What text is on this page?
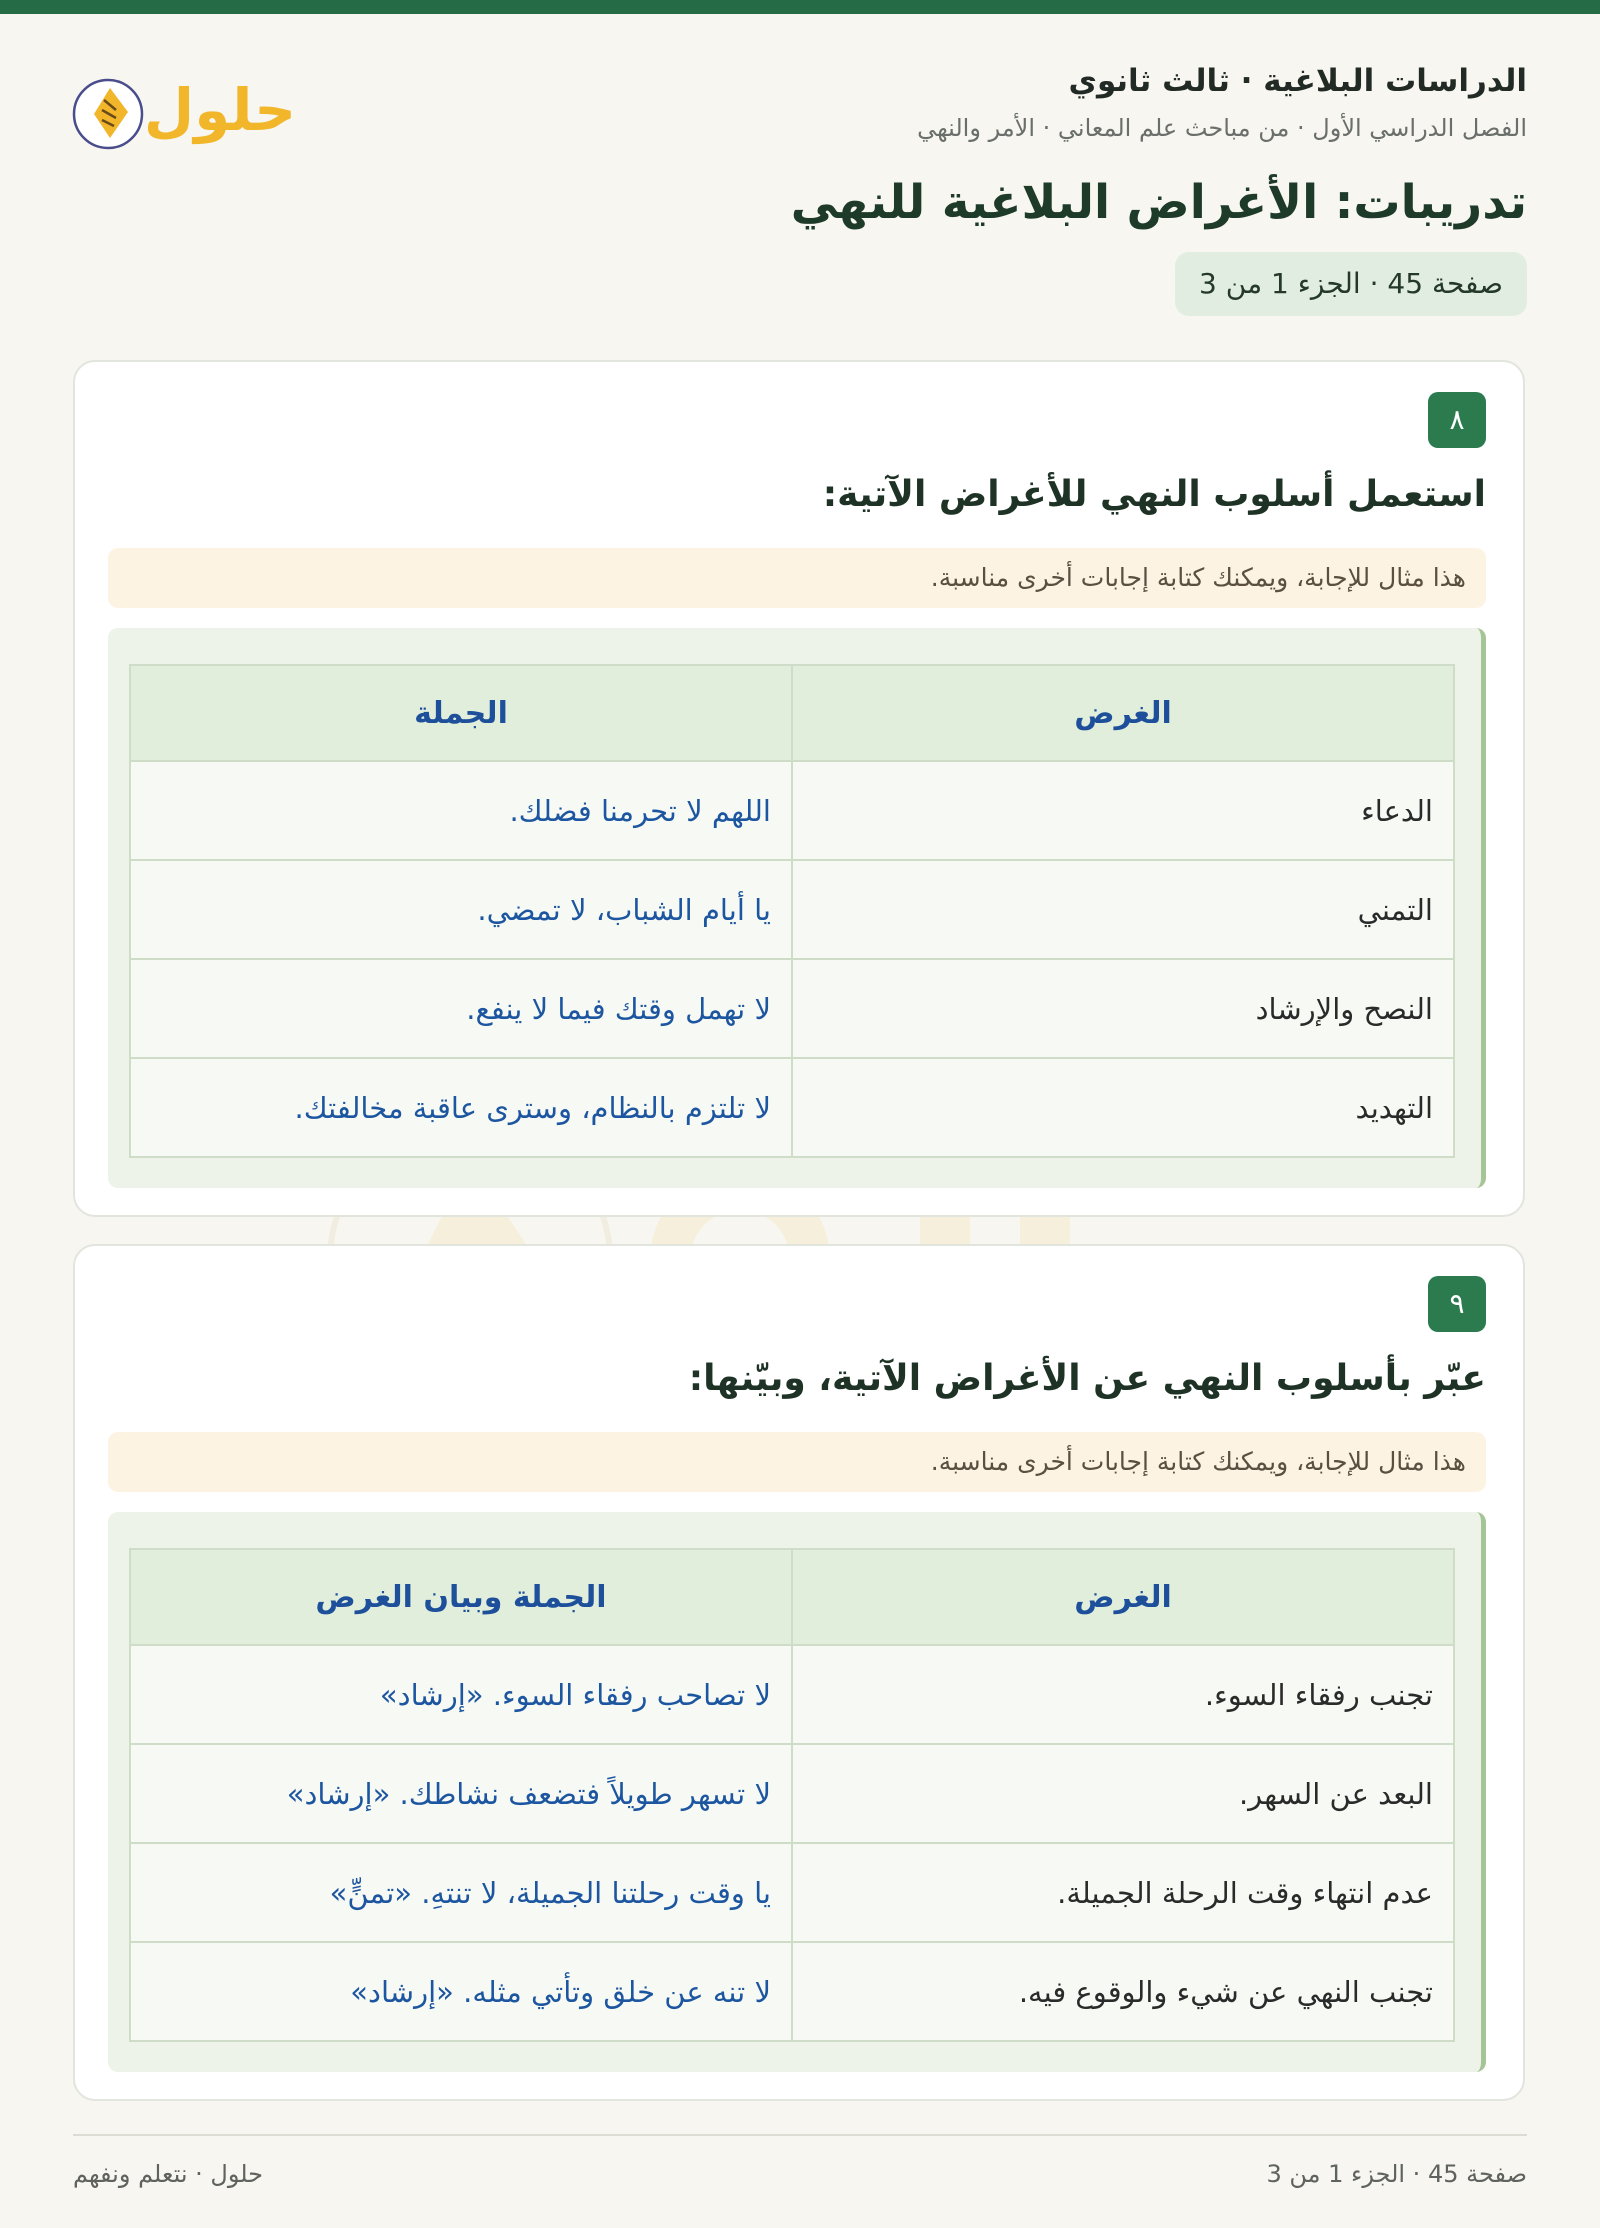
حلول	الدراسات البلاغية · ثالث ثانوي
الفصل الدراسي الأول · من مباحث علم المعاني · الأمر والنهي
تدريبات: الأغراض البلاغية للنهي
صفحة 45 · الجزء 1 من 3
٨
استعمل أسلوب النهي للأغراض الآتية:
هذا مثال للإجابة، ويمكنك كتابة إجابات أخرى مناسبة.
الغرض	الجملة
الدعاء	اللهم لا تحرمنا فضلك.
التمني	يا أيام الشباب، لا تمضي.
النصح والإرشاد	لا تهمل وقتك فيما لا ينفع.
التهديد	لا تلتزم بالنظام، وسترى عاقبة مخالفتك.
٩
عبّر بأسلوب النهي عن الأغراض الآتية، وبيّنها:
هذا مثال للإجابة، ويمكنك كتابة إجابات أخرى مناسبة.
الغرض	الجملة وبيان الغرض
تجنب رفقاء السوء.	لا تصاحب رفقاء السوء. «إرشاد»
البعد عن السهر.	لا تسهر طويلاً فتضعف نشاطك. «إرشاد»
عدم انتهاء وقت الرحلة الجميلة.	يا وقت رحلتنا الجميلة، لا تنتهِ. «تمنٍّ»
تجنب النهي عن شيء والوقوع فيه.	لا تنه عن خلق وتأتي مثله. «إرشاد»
صفحة 45 · الجزء 1 من 3
حلول · نتعلم ونفهم
